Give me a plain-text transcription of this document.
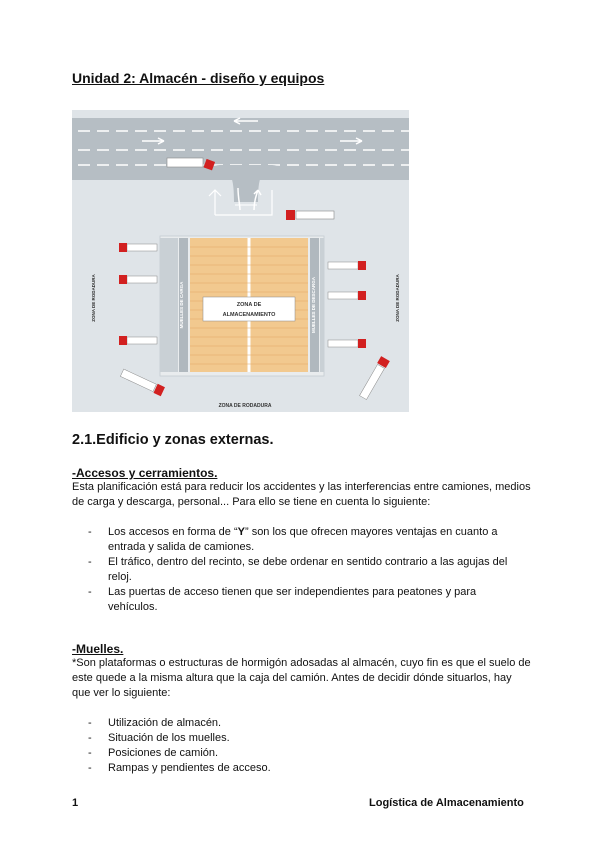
Unidad 2: Almacén - diseño y equipos
ZONA DE
ALMACENAMIENTO
MUELLES DE CARGA	MUELLES DE DESCARGA
ZONA DE RODADURA	ZONA DE RODADURA
ZONA DE RODADURA
2.1.Edificio y zonas externas.
-Accesos y cerramientos.
Esta planificación está para reducir los accidentes y las interferencias entre camiones, medios de carga y descarga, personal... Para ello se tiene en cuenta lo siguiente:
- Los accesos en forma de “Y” son los que ofrecen mayores ventajas en cuanto a entrada y salida de camiones.
- El tráfico, dentro del recinto, se debe ordenar en sentido contrario a las agujas del reloj.
- Las puertas de acceso tienen que ser independientes para peatones y para vehículos.
-Muelles.
*Son plataformas o estructuras de hormigón adosadas al almacén, cuyo fin es que el suelo de este quede a la misma altura que la caja del camión. Antes de decidir dónde situarlos, hay que ver lo siguiente:
- Utilización de almacén.
- Situación de los muelles.
- Posiciones de camión.
- Rampas y pendientes de acceso.
1	Logística de Almacenamiento
